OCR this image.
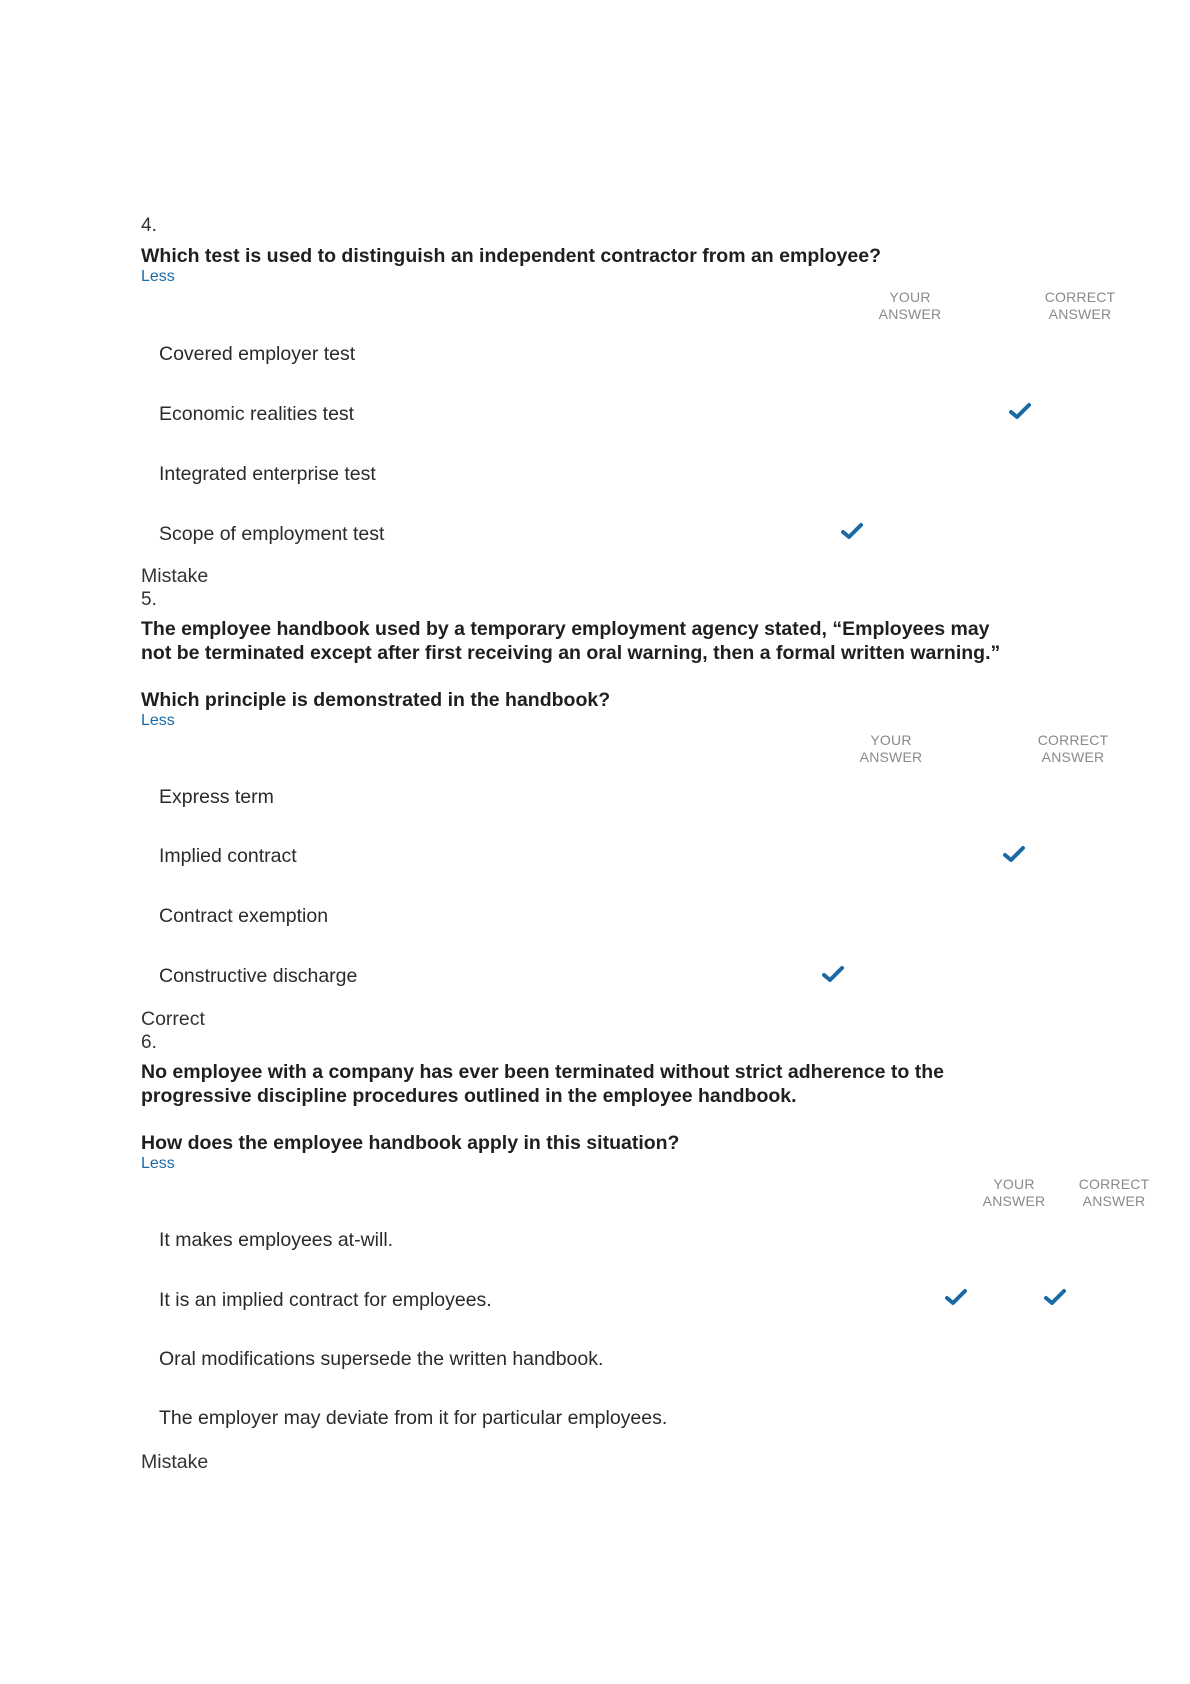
4.
Which test is used to distinguish an independent contractor from an employee?
Less
YOUR
ANSWER
CORRECT
ANSWER
Covered employer test
Economic realities test
Integrated enterprise test
Scope of employment test
Mistake
5.
The employee handbook used by a temporary employment agency stated, “Employees may
not be terminated except after first receiving an oral warning, then a formal written warning.”
Which principle is demonstrated in the handbook?
Less
YOUR
ANSWER
CORRECT
ANSWER
Express term
Implied contract
Contract exemption
Constructive discharge
Correct
6.
No employee with a company has ever been terminated without strict adherence to the
progressive discipline procedures outlined in the employee handbook.
How does the employee handbook apply in this situation?
Less
YOUR
ANSWER
CORRECT
ANSWER
It makes employees at-will.
It is an implied contract for employees.
Oral modifications supersede the written handbook.
The employer may deviate from it for particular employees.
Mistake
